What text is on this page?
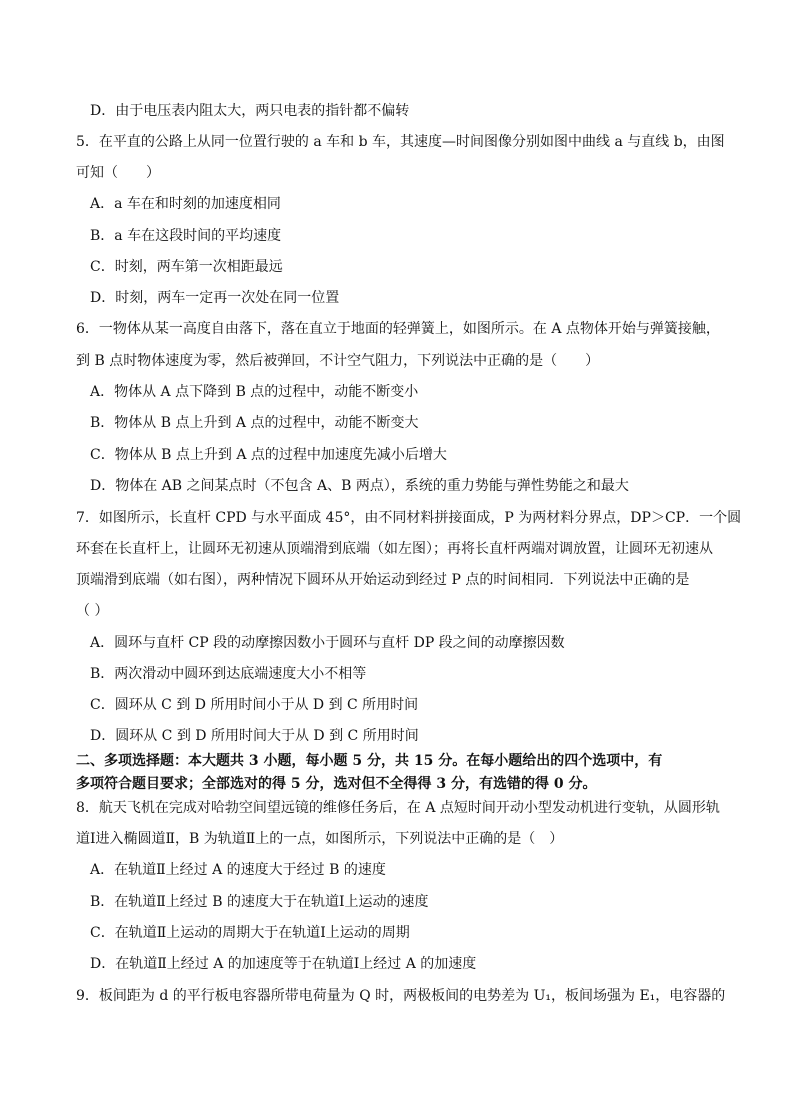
D．由于电压表内阻太大，两只电表的指针都不偏转
5．在平直的公路上从同一位置行驶的 a 车和 b 车，其速度—时间图像分别如图中曲线 a 与直线 b，由图
可知（　　）
A．a 车在和时刻的加速度相同
B．a 车在这段时间的平均速度
C．时刻，两车第一次相距最远
D．时刻，两车一定再一次处在同一位置
6．一物体从某一高度自由落下，落在直立于地面的轻弹簧上，如图所示。在 A 点物体开始与弹簧接触，
到 B 点时物体速度为零，然后被弹回，不计空气阻力，下列说法中正确的是（　　）
A．物体从 A 点下降到 B 点的过程中，动能不断变小
B．物体从 B 点上升到 A 点的过程中，动能不断变大
C．物体从 B 点上升到 A 点的过程中加速度先减小后增大
D．物体在 AB 之间某点时（不包含 A、B 两点），系统的重力势能与弹性势能之和最大
7．如图所示，长直杆 CPD 与水平面成 45°，由不同材料拼接面成，P 为两材料分界点，DP＞CP．一个圆
环套在长直杆上，让圆环无初速从顶端滑到底端（如左图）；再将长直杆两端对调放置，让圆环无初速从
顶端滑到底端（如右图），两种情况下圆环从开始运动到经过 P 点的时间相同．下列说法中正确的是
（ ）
A．圆环与直杆 CP 段的动摩擦因数小于圆环与直杆 DP 段之间的动摩擦因数
B．两次滑动中圆环到达底端速度大小不相等
C．圆环从 C 到 D 所用时间小于从 D 到 C 所用时间
D．圆环从 C 到 D 所用时间大于从 D 到 C 所用时间
二、多项选择题：本大题共 3 小题，每小题 5 分，共 15 分。在每小题给出的四个选项中，有
多项符合题目要求；全部选对的得 5 分，选对但不全得得 3 分，有选错的得 0 分。
8．航天飞机在完成对哈勃空间望远镜的维修任务后，在 A 点短时间开动小型发动机进行变轨，从圆形轨
道Ⅰ进入椭圆道Ⅱ，B 为轨道Ⅱ上的一点，如图所示，下列说法中正确的是（　）
A．在轨道Ⅱ上经过 A 的速度大于经过 B 的速度
B．在轨道Ⅱ上经过 B 的速度大于在轨道Ⅰ上运动的速度
C．在轨道Ⅱ上运动的周期大于在轨道Ⅰ上运动的周期
D．在轨道Ⅱ上经过 A 的加速度等于在轨道Ⅰ上经过 A 的加速度
9．板间距为 d 的平行板电容器所带电荷量为 Q 时，两极板间的电势差为 U₁，板间场强为 E₁，电容器的
